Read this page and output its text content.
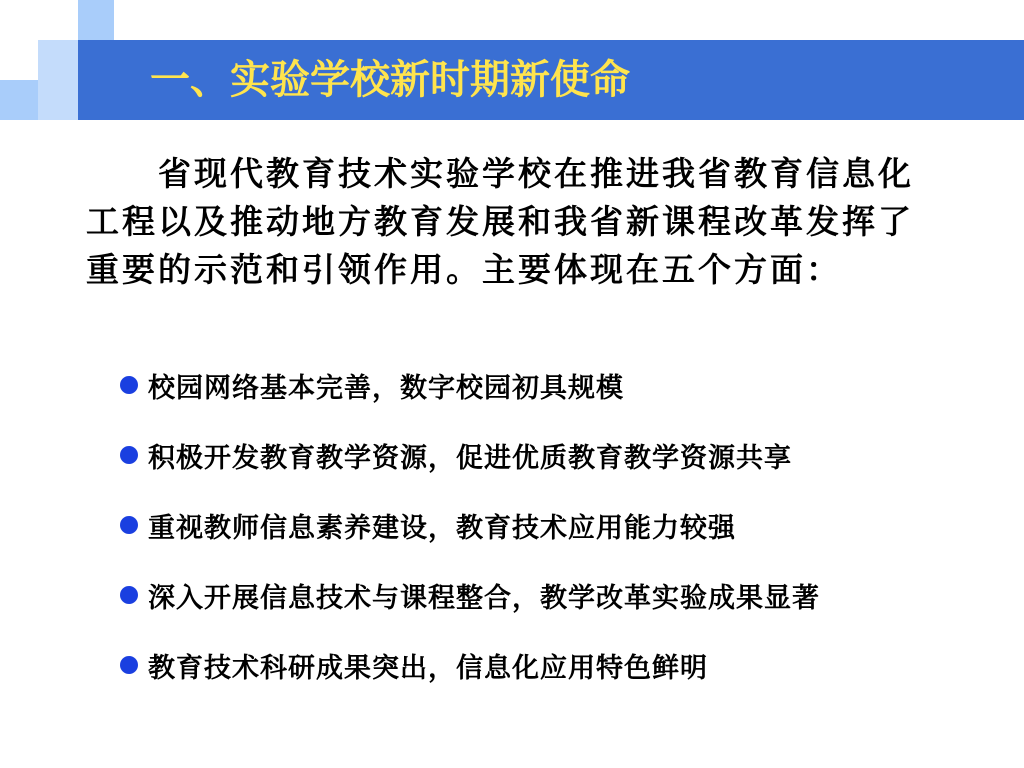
一、实验学校新时期新使命

省现代教育技术实验学校在推进我省教育信息化工程以及推动地方教育发展和我省新课程改革发挥了重要的示范和引领作用。主要体现在五个方面：

校园网络基本完善，数字校园初具规模
积极开发教育教学资源，促进优质教育教学资源共享
重视教师信息素养建设，教育技术应用能力较强
深入开展信息技术与课程整合，教学改革实验成果显著
教育技术科研成果突出，信息化应用特色鲜明
